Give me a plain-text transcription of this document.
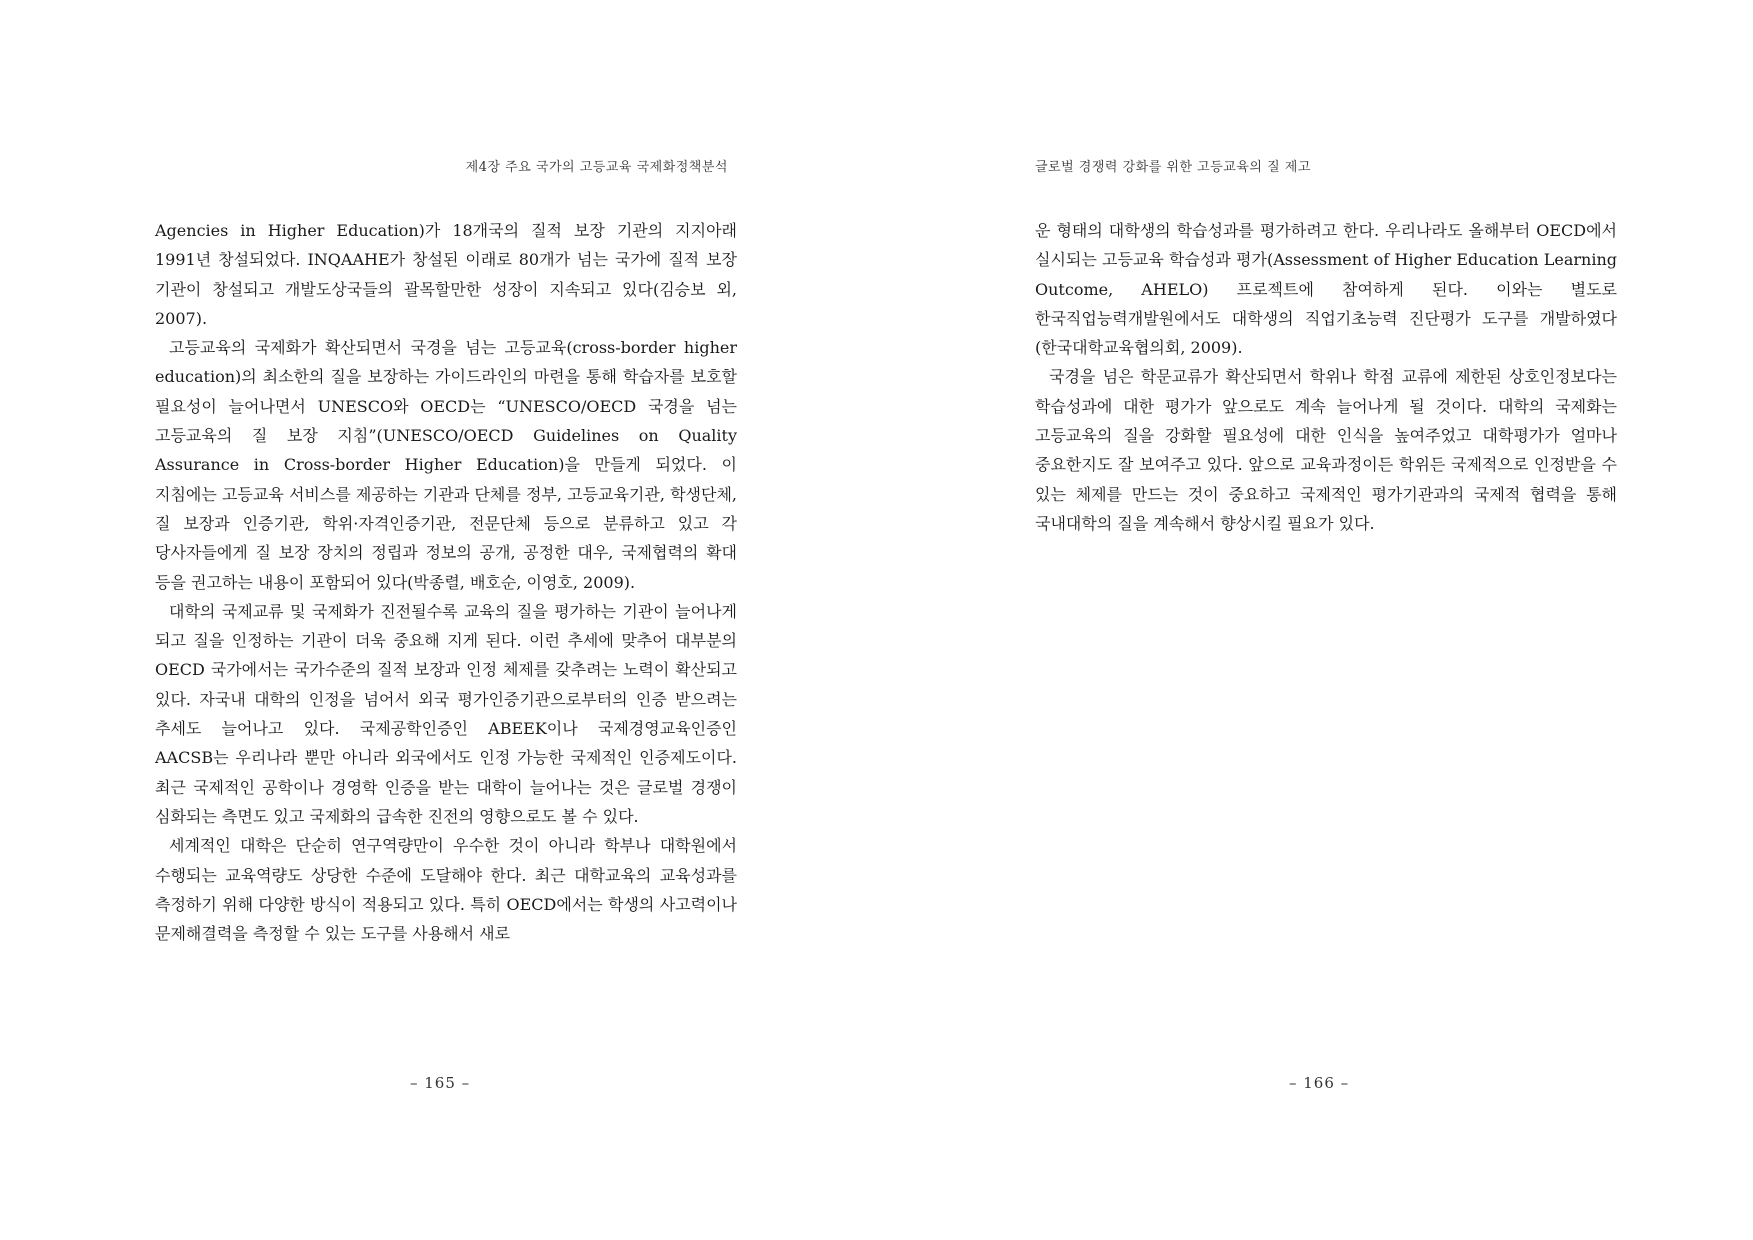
제4장 주요 국가의 고등교육 국제화정책분석

Agencies in Higher Education)가 18개국의 질적 보장 기관의 지지아래 1991년 창설되었다. INQAAHE가 창설된 이래로 80개가 넘는 국가에 질적 보장 기관이 창설되고 개발도상국들의 괄목할만한 성장이 지속되고 있다(김승보 외, 2007).

고등교육의 국제화가 확산되면서 국경을 넘는 고등교육(cross-border higher education)의 최소한의 질을 보장하는 가이드라인의 마련을 통해 학습자를 보호할 필요성이 늘어나면서 UNESCO와 OECD는 “UNESCO/OECD 국경을 넘는 고등교육의 질 보장 지침”(UNESCO/OECD Guidelines on Quality Assurance in Cross-border Higher Education)을 만들게 되었다. 이 지침에는 고등교육 서비스를 제공하는 기관과 단체를 정부, 고등교육기관, 학생단체, 질 보장과 인증기관, 학위·자격인증기관, 전문단체 등으로 분류하고 있고 각 당사자들에게 질 보장 장치의 정립과 정보의 공개, 공정한 대우, 국제협력의 확대 등을 권고하는 내용이 포함되어 있다(박종렬, 배호순, 이영호, 2009).

대학의 국제교류 및 국제화가 진전될수록 교육의 질을 평가하는 기관이 늘어나게 되고 질을 인정하는 기관이 더욱 중요해 지게 된다. 이런 추세에 맞추어 대부분의 OECD 국가에서는 국가수준의 질적 보장과 인정 체제를 갖추려는 노력이 확산되고 있다. 자국내 대학의 인정을 넘어서 외국 평가인증기관으로부터의 인증 받으려는 추세도 늘어나고 있다. 국제공학인증인 ABEEK이나 국제경영교육인증인 AACSB는 우리나라 뿐만 아니라 외국에서도 인정 가능한 국제적인 인증제도이다. 최근 국제적인 공학이나 경영학 인증을 받는 대학이 늘어나는 것은 글로벌 경쟁이 심화되는 측면도 있고 국제화의 급속한 진전의 영향으로도 볼 수 있다.

세계적인 대학은 단순히 연구역량만이 우수한 것이 아니라 학부나 대학원에서 수행되는 교육역량도 상당한 수준에 도달해야 한다. 최근 대학교육의 교육성과를 측정하기 위해 다양한 방식이 적용되고 있다. 특히 OECD에서는 학생의 사고력이나 문제해결력을 측정할 수 있는 도구를 사용해서 새로

– 165 –
글로벌 경쟁력 강화를 위한 고등교육의 질 제고

운 형태의 대학생의 학습성과를 평가하려고 한다. 우리나라도 올해부터 OECD에서 실시되는 고등교육 학습성과 평가(Assessment of Higher Education Learning Outcome, AHELO) 프로젝트에 참여하게 된다. 이와는 별도로 한국직업능력개발원에서도 대학생의 직업기초능력 진단평가 도구를 개발하였다(한국대학교육협의회, 2009).

국경을 넘은 학문교류가 확산되면서 학위나 학점 교류에 제한된 상호인정보다는 학습성과에 대한 평가가 앞으로도 계속 늘어나게 될 것이다. 대학의 국제화는 고등교육의 질을 강화할 필요성에 대한 인식을 높여주었고 대학평가가 얼마나 중요한지도 잘 보여주고 있다. 앞으로 교육과정이든 학위든 국제적으로 인정받을 수 있는 체제를 만드는 것이 중요하고 국제적인 평가기관과의 국제적 협력을 통해 국내대학의 질을 계속해서 향상시킬 필요가 있다.

– 166 –
